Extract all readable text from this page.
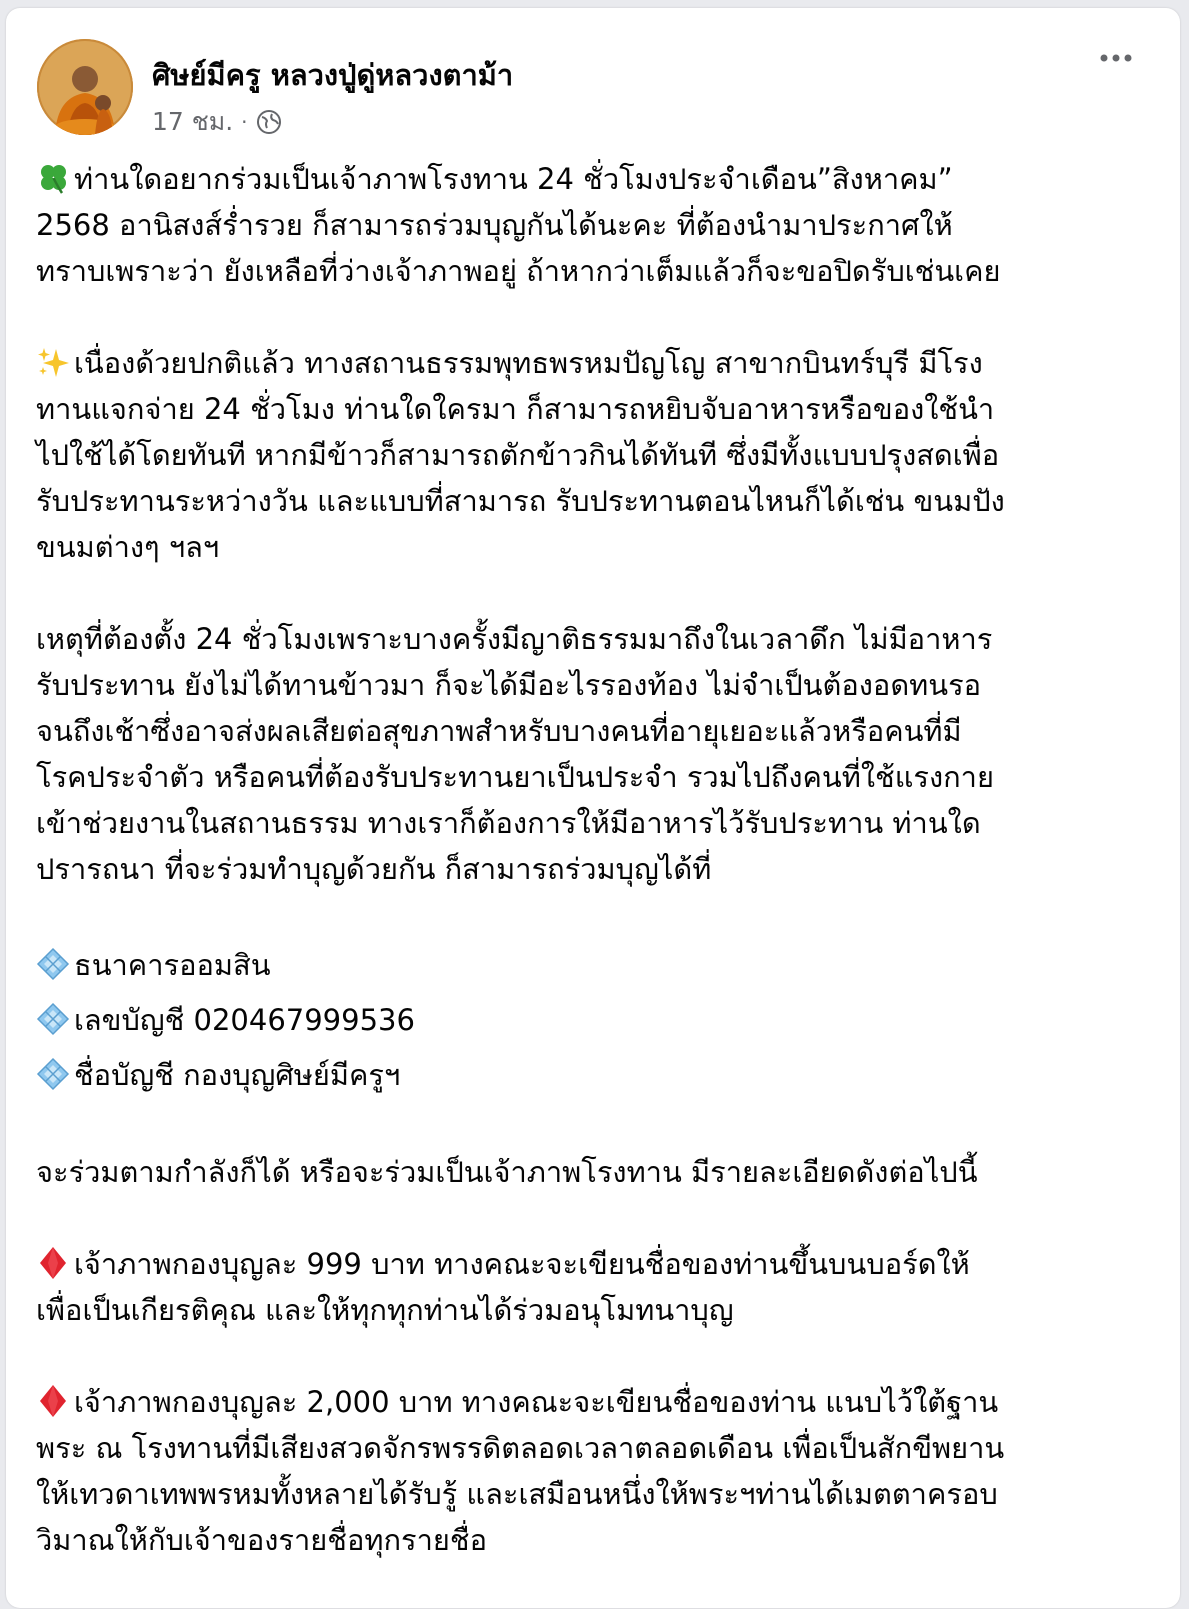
ศิษย์มีครู หลวงปู่ดู่หลวงตาม้า
17 ชม. ·
ท่านใดอยากร่วมเป็นเจ้าภาพโรงทาน 24 ชั่วโมงประจำเดือน”สิงหาคม”
2568 อานิสงส์ร่ำรวย ก็สามารถร่วมบุญกันได้นะคะ ที่ต้องนำมาประกาศให้
ทราบเพราะว่า ยังเหลือที่ว่างเจ้าภาพอยู่ ถ้าหากว่าเต็มแล้วก็จะขอปิดรับเช่นเคย
เนื่องด้วยปกติแล้ว ทางสถานธรรมพุทธพรหมปัญโญ สาขากบินทร์บุรี มีโรง
ทานแจกจ่าย 24 ชั่วโมง ท่านใดใครมา ก็สามารถหยิบจับอาหารหรือของใช้นำ
ไปใช้ได้โดยทันที หากมีข้าวก็สามารถตักข้าวกินได้ทันที ซึ่งมีทั้งแบบปรุงสดเพื่อ
รับประทานระหว่างวัน และแบบที่สามารถ รับประทานตอนไหนก็ได้เช่น ขนมปัง
ขนมต่างๆ ฯลฯ
เหตุที่ต้องตั้ง 24 ชั่วโมงเพราะบางครั้งมีญาติธรรมมาถึงในเวลาดึก ไม่มีอาหาร
รับประทาน ยังไม่ได้ทานข้าวมา ก็จะได้มีอะไรรองท้อง ไม่จำเป็นต้องอดทนรอ
จนถึงเช้าซึ่งอาจส่งผลเสียต่อสุขภาพสำหรับบางคนที่อายุเยอะแล้วหรือคนที่มี
โรคประจำตัว หรือคนที่ต้องรับประทานยาเป็นประจำ รวมไปถึงคนที่ใช้แรงกาย
เข้าช่วยงานในสถานธรรม ทางเราก็ต้องการให้มีอาหารไว้รับประทาน ท่านใด
ปรารถนา ที่จะร่วมทำบุญด้วยกัน ก็สามารถร่วมบุญได้ที่
ธนาคารออมสิน
เลขบัญชี 020467999536
ชื่อบัญชี กองบุญศิษย์มีครูฯ
จะร่วมตามกำลังก็ได้ หรือจะร่วมเป็นเจ้าภาพโรงทาน มีรายละเอียดดังต่อไปนี้
เจ้าภาพกองบุญละ 999 บาท ทางคณะจะเขียนชื่อของท่านขึ้นบนบอร์ดให้
เพื่อเป็นเกียรติคุณ และให้ทุกทุกท่านได้ร่วมอนุโมทนาบุญ
เจ้าภาพกองบุญละ 2,000 บาท ทางคณะจะเขียนชื่อของท่าน แนบไว้ใต้ฐาน
พระ ณ โรงทานที่มีเสียงสวดจักรพรรดิตลอดเวลาตลอดเดือน เพื่อเป็นสักขีพยาน
ให้เทวดาเทพพรหมทั้งหลายได้รับรู้ และเสมือนหนึ่งให้พระฯท่านได้เมตตาครอบ
วิมาณให้กับเจ้าของรายชื่อทุกรายชื่อ
